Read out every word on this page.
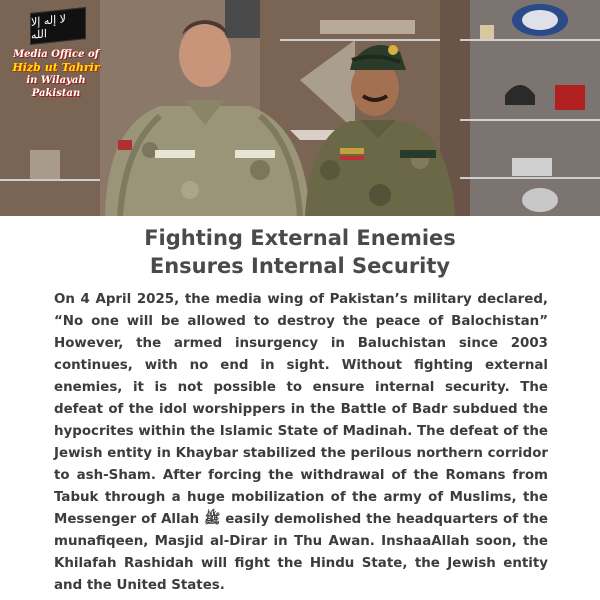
لا إله إلا الله
Media Office of
Hizb ut Tahrir
in Wilayah Pakistan
Fighting External Enemies
Ensures Internal Security
On 4 April 2025, the media wing of Pakistan’s military declared, “No one will be allowed to destroy the peace of Balochistan” However, the armed insurgency in Baluchistan since 2003 continues, with no end in sight. Without fighting external enemies, it is not possible to ensure internal security. The defeat of the idol worshippers in the Battle of Badr subdued the hypocrites within the Islamic State of Madinah. The defeat of the Jewish entity in Khaybar stabilized the perilous northern corridor to ash-Sham. After forcing the withdrawal of the Romans from Tabuk through a huge mobilization of the army of Muslims, the Messenger of Allah ﷺ easily demolished the headquarters of the munafiqeen, Masjid al-Dirar in Thu Awan. InshaaAllah soon, the Khilafah Rashidah will fight the Hindu State, the Jewish entity and the United States.
